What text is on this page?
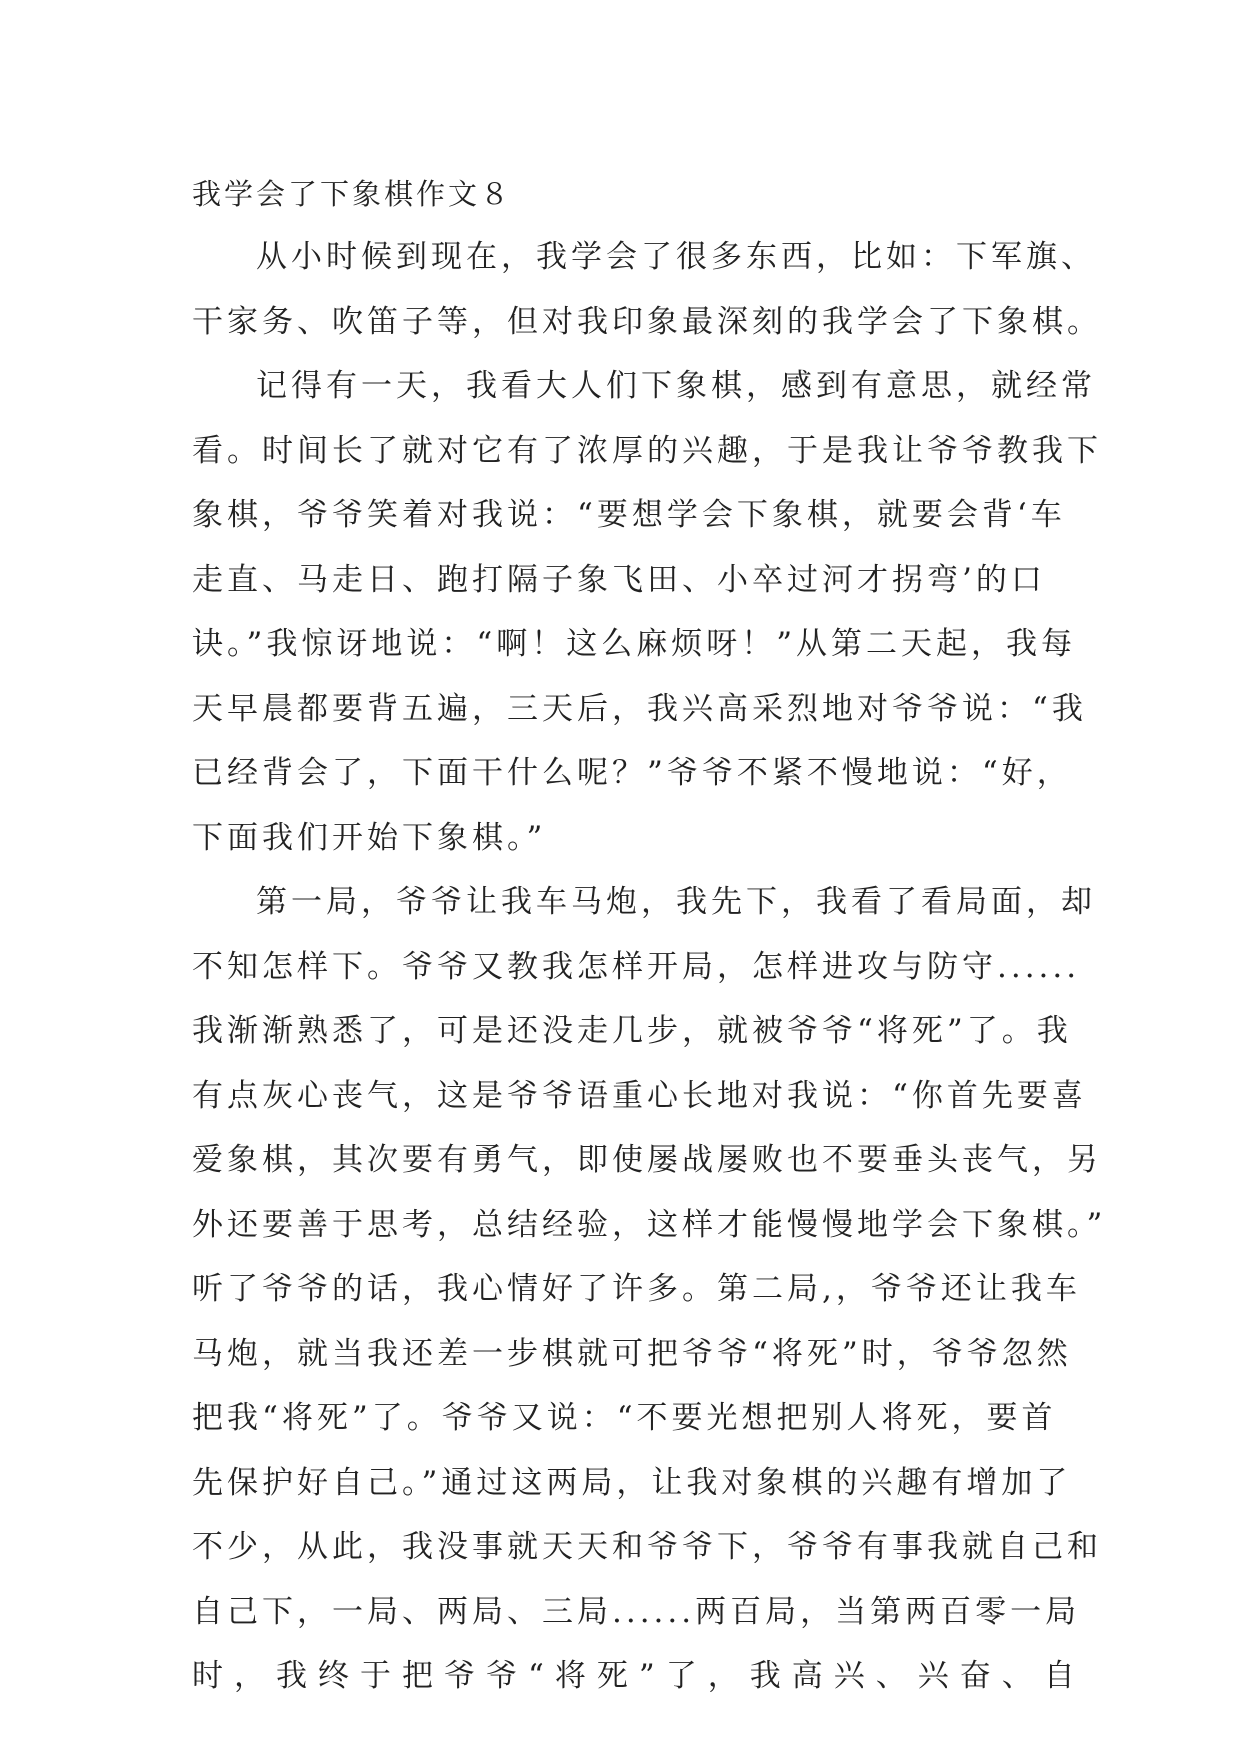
我学会了下象棋作文８

从小时候到现在，我学会了很多东西，比如：下军旗、

干家务、吹笛子等，但对我印象最深刻的我学会了下象棋。

记得有一天，我看大人们下象棋，感到有意思，就经常

看。时间长了就对它有了浓厚的兴趣，于是我让爷爷教我下

象棋，爷爷笑着对我说：“要想学会下象棋，就要会背‘车

走直、马走日、跑打隔子象飞田、小卒过河才拐弯’的口

诀。”我惊讶地说：“啊！这么麻烦呀！”从第二天起，我每

天早晨都要背五遍，三天后，我兴高采烈地对爷爷说：“我

已经背会了，下面干什么呢？”爷爷不紧不慢地说：“好，

下面我们开始下象棋。”

第一局，爷爷让我车马炮，我先下，我看了看局面，却

不知怎样下。爷爷又教我怎样开局，怎样进攻与防守......

我渐渐熟悉了，可是还没走几步，就被爷爷“将死”了。我

有点灰心丧气，这是爷爷语重心长地对我说：“你首先要喜

爱象棋，其次要有勇气，即使屡战屡败也不要垂头丧气，另

外还要善于思考，总结经验，这样才能慢慢地学会下象棋。”

听了爷爷的话，我心情好了许多。第二局,，爷爷还让我车

马炮，就当我还差一步棋就可把爷爷“将死”时，爷爷忽然

把我“将死”了。爷爷又说：“不要光想把别人将死，要首

先保护好自己。”通过这两局，让我对象棋的兴趣有增加了

不少，从此，我没事就天天和爷爷下，爷爷有事我就自己和

自己下，一局、两局、三局......两百局，当第两百零一局

时，我终于把爷爷“将死”了，我高兴、兴奋、自
